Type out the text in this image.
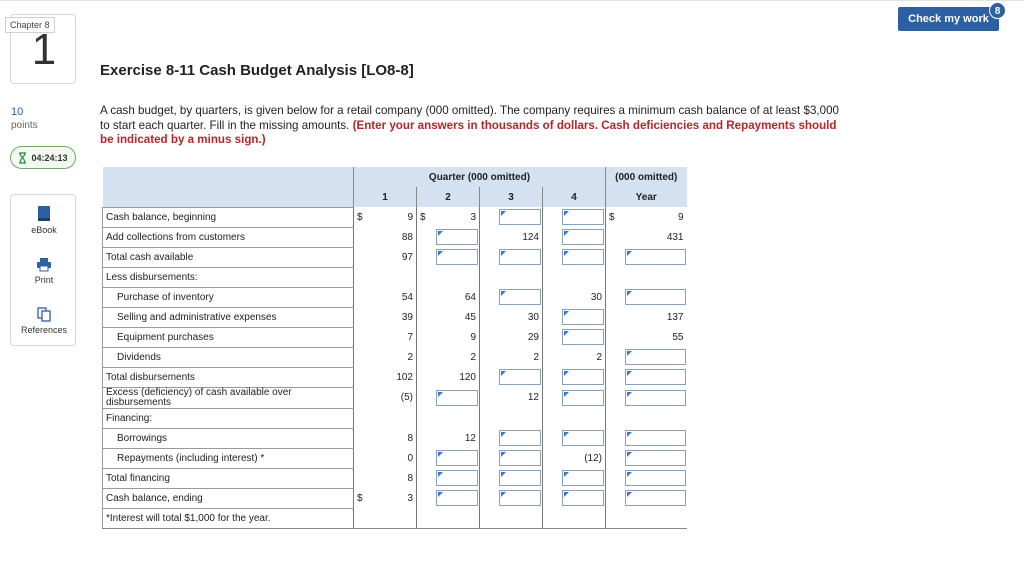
Chapter 8
1
10
points
04:24:13
eBook
Print
References
Check my work
8
Exercise 8-11 Cash Budget Analysis [LO8-8]
A cash budget, by quarters, is given below for a retail company (000 omitted). The company requires a minimum cash balance of at least $3,000 to start each quarter. Fill in the missing amounts. (Enter your answers in thousands of dollars. Cash deficiencies and Repayments should be indicated by a minus sign.)
	Quarter (000 omitted)								(000 omitted)	
	1		2		3		4		Year	
Cash balance, beginning	$	9	$	3					$	9
Add collections from customers		88				124				431
Total cash available		97		

Less disbursements:										
Purchase of inventory		54		64				30		

Selling and administrative expenses		39		45		30				137
Equipment purchases		7		9		29				55
Dividends		2		2		2		2		

Total disbursements		102		120		

Excess (deficiency) of cash available over disbursements		(5)				12		

Financing:										
Borrowings		8		12		

Repayments (including interest) *		0						(12)		

Total financing		8		

Cash balance, ending	$	3		

*Interest will total $1,000 for the year.										
